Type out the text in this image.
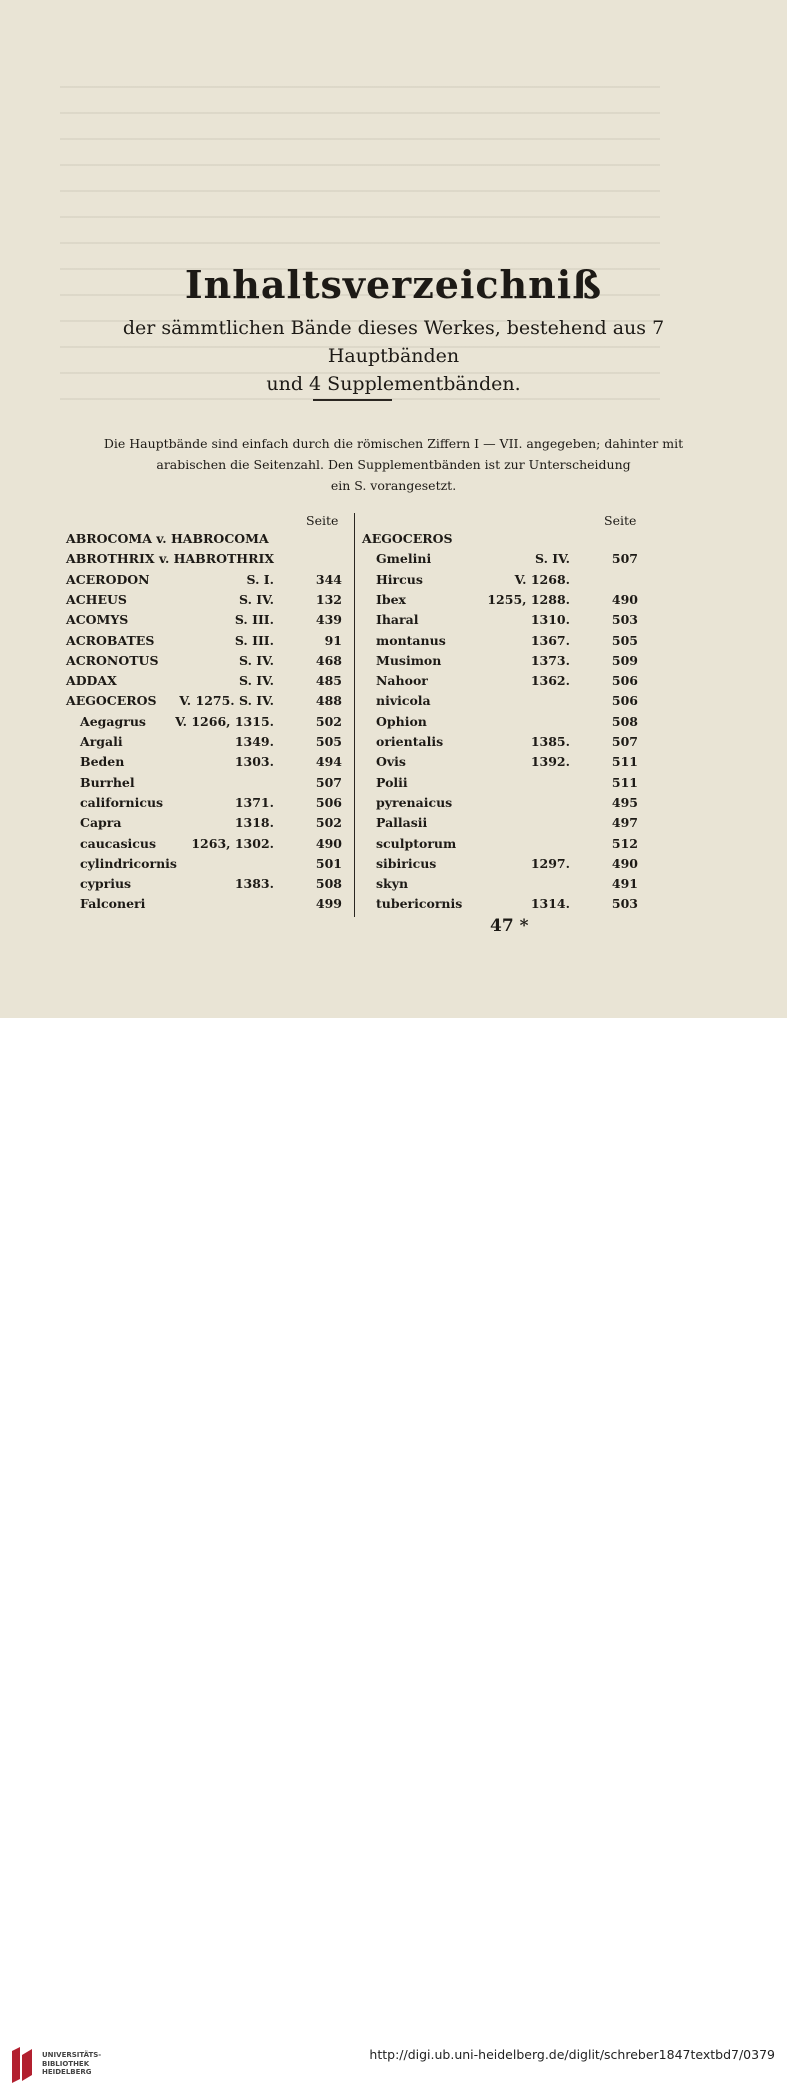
Inhaltsverzeichniß
der sämmtlichen Bände dieses Werkes, bestehend aus 7 Hauptbänden
und 4 Supplementbänden.
Die Hauptbände sind einfach durch die römischen Ziffern I — VII. angegeben; dahinter mit
arabischen die Seitenzahl. Den Supplementbänden ist zur Unterscheidung
ein S. vorangesetzt.
Seite	Seite
ABROCOMA v. HABROCOMA
ABROTHRIX v. HABROTHRIX
ACERODON	S. I.	344
ACHEUS	S. IV.	132
ACOMYS	S. III.	439
ACROBATES	S. III.	91
ACRONOTUS	S. IV.	468
ADDAX	S. IV.	485
AEGOCEROS V. 1275. S. IV.	488
Aegagrus V. 1266, 1315.	502
Argali	1349.	505
Beden	1303.	494
Burrhel	507
californicus	1371.	506
Capra	1318.	502
caucasicus	1263, 1302.	490
cylindricornis	501
cyprius	1383.	508
Falconeri	499
AEGOCEROS
Gmelini	S. IV.	507
Hircus	V. 1268.
Ibex	1255, 1288.	490
Iharal	1310.	503
montanus	1367.	505
Musimon	1373.	509
Nahoor	1362.	506
nivicola	506
Ophion	508
orientalis	1385.	507
Ovis	1392.	511
Polii	511
pyrenaicus	495
Pallasii	497
sculptorum	512
sibiricus	1297.	490
skyn	491
tubericornis	1314.	503
47 *
UNIVERSITÄTS-
BIBLIOTHEK
HEIDELBERG
http://digi.ub.uni-heidelberg.de/diglit/schreber1847textbd7/0379
